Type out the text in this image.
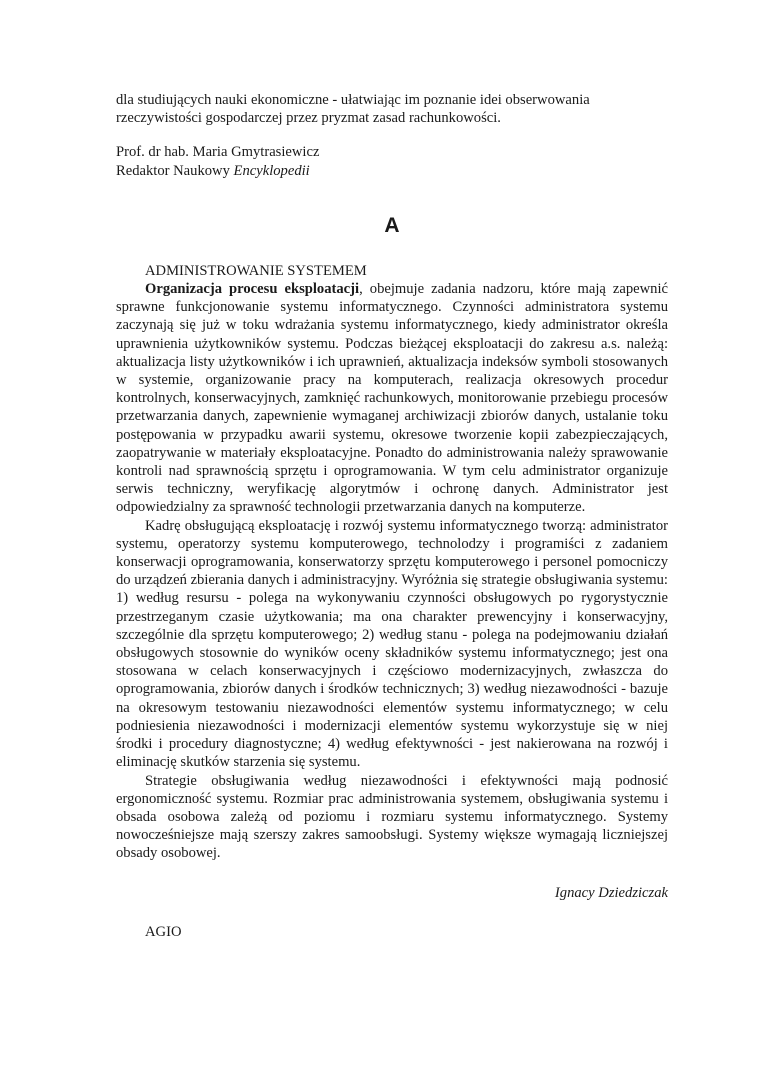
dla studiujących nauki ekonomiczne - ułatwiając im poznanie idei obserwowania rzeczywistości gospodarczej przez pryzmat zasad rachunkowości.

Prof. dr hab. Maria Gmytrasiewicz

Redaktor Naukowy Encyklopedii

A

ADMINISTROWANIE SYSTEMEM

Organizacja procesu eksploatacji, obejmuje zadania nadzoru, które mają zapewnić sprawne funkcjonowanie systemu informatycznego. Czynności administratora systemu zaczynają się już w toku wdrażania systemu informatycznego, kiedy administrator określa uprawnienia użytkowników systemu. Podczas bieżącej eksploatacji do zakresu a.s. należą: aktualizacja listy użytkowników i ich uprawnień, aktualizacja indeksów symboli stosowanych w systemie, organizowanie pracy na komputerach, realizacja okresowych procedur kontrolnych, konserwacyjnych, zamknięć rachunkowych, monitorowanie przebiegu procesów przetwarzania danych, zapewnienie wymaganej archiwizacji zbiorów danych, ustalanie toku postępowania w przypadku awarii systemu, okresowe tworzenie kopii zabezpieczających, zaopatrywanie w materiały eksploatacyjne. Ponadto do administrowania należy sprawowanie kontroli nad sprawnością sprzętu i oprogramowania. W tym celu administrator organizuje serwis techniczny, weryfikację algorytmów i ochronę danych. Administrator jest odpowiedzialny za sprawność technologii przetwarzania danych na komputerze.

Kadrę obsługującą eksploatację i rozwój systemu informatycznego tworzą: administrator systemu, operatorzy systemu komputerowego, technolodzy i programiści z zadaniem konserwacji oprogramowania, konserwatorzy sprzętu komputerowego i personel pomocniczy do urządzeń zbierania danych i administracyjny. Wyróżnia się strategie obsługiwania systemu: 1) według resursu - polega na wykonywaniu czynności obsługowych po rygorystycznie przestrzeganym czasie użytkowania; ma ona charakter prewencyjny i konserwacyjny, szczególnie dla sprzętu komputerowego; 2) według stanu - polega na podejmowaniu działań obsługowych stosownie do wyników oceny składników systemu informatycznego; jest ona stosowana w celach konserwacyjnych i częściowo modernizacyjnych, zwłaszcza do oprogramowania, zbiorów danych i środków technicznych; 3) według niezawodności - bazuje na okresowym testowaniu niezawodności elementów systemu informatycznego; w celu podniesienia niezawodności i modernizacji elementów systemu wykorzystuje się w niej środki i procedury diagnostyczne; 4) według efektywności - jest nakierowana na rozwój i eliminację skutków starzenia się systemu.

Strategie obsługiwania według niezawodności i efektywności mają podnosić ergonomiczność systemu. Rozmiar prac administrowania systemem, obsługiwania systemu i obsada osobowa zależą od poziomu i rozmiaru systemu informatycznego. Systemy nowocześniejsze mają szerszy zakres samoobsługi. Systemy większe wymagają liczniejszej obsady osobowej.

Ignacy Dziedziczak

AGIO
